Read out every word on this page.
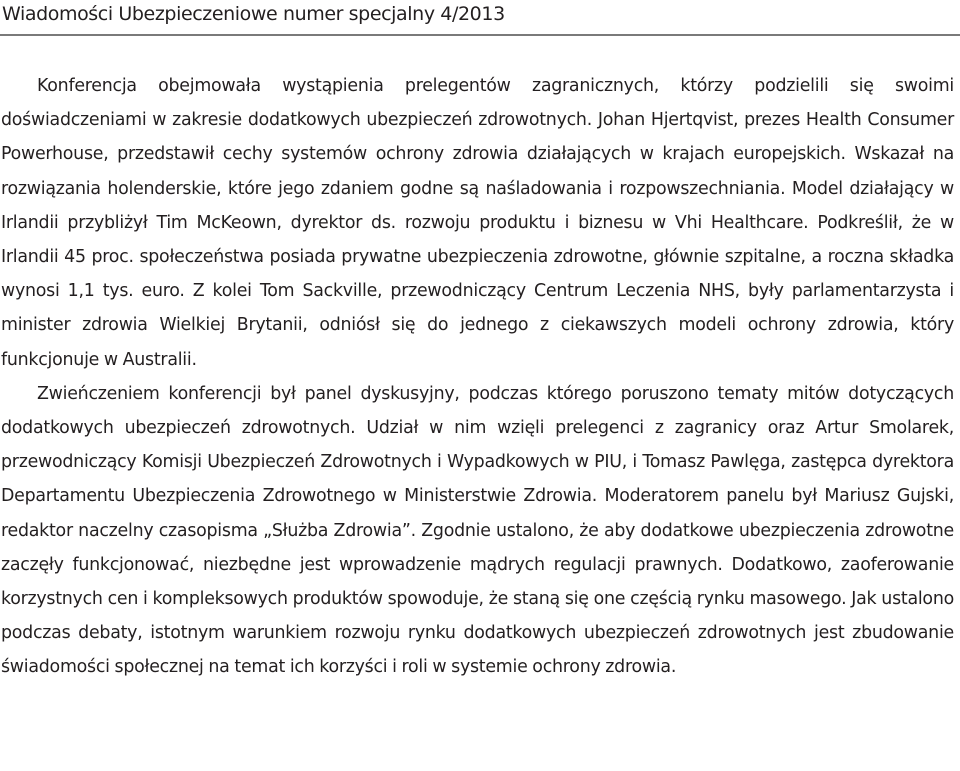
Wiadomości Ubezpieczeniowe numer specjalny 4/2013

Konferencja obejmowała wystąpienia prelegentów zagranicznych, którzy podzielili się swoimi doświadczeniami w zakresie dodatkowych ubezpieczeń zdrowotnych. Johan Hjertqvist, prezes Health Consumer Powerhouse, przedstawił cechy systemów ochrony zdrowia działających w krajach europejskich. Wskazał na rozwiązania holenderskie, które jego zdaniem godne są naśladowania i rozpowszechniania. Model działający w Irlandii przybliżył Tim McKeown, dyrektor ds. rozwoju produktu i biznesu w Vhi Healthcare. Podkreślił, że w Irlandii 45 proc. społeczeństwa posiada prywatne ubezpieczenia zdrowotne, głównie szpitalne, a roczna składka wynosi 1,1 tys. euro. Z kolei Tom Sackville, przewodniczący Centrum Leczenia NHS, były parlamentarzysta i minister zdrowia Wielkiej Brytanii, odniósł się do jednego z ciekawszych modeli ochrony zdrowia, który funkcjonuje w Australii.

Zwieńczeniem konferencji był panel dyskusyjny, podczas którego poruszono tematy mitów dotyczących dodatkowych ubezpieczeń zdrowotnych. Udział w nim wzięli prelegenci z zagranicy oraz Artur Smolarek, przewodniczący Komisji Ubezpieczeń Zdrowotnych i Wypadkowych w PIU, i Tomasz Pawlęga, zastępca dyrektora Departamentu Ubezpieczenia Zdrowotnego w Ministerstwie Zdrowia. Moderatorem panelu był Mariusz Gujski, redaktor naczelny czasopisma „Służba Zdrowia”. Zgodnie ustalono, że aby dodatkowe ubezpieczenia zdrowotne zaczęły funkcjonować, niezbędne jest wprowadzenie mądrych regulacji prawnych. Dodatkowo, zaoferowanie korzystnych cen i kompleksowych produktów spowoduje, że staną się one częścią rynku masowego. Jak ustalono podczas debaty, istotnym warunkiem rozwoju rynku dodatkowych ubezpieczeń zdrowotnych jest zbudowanie świadomości społecznej na temat ich korzyści i roli w systemie ochrony zdrowia.
